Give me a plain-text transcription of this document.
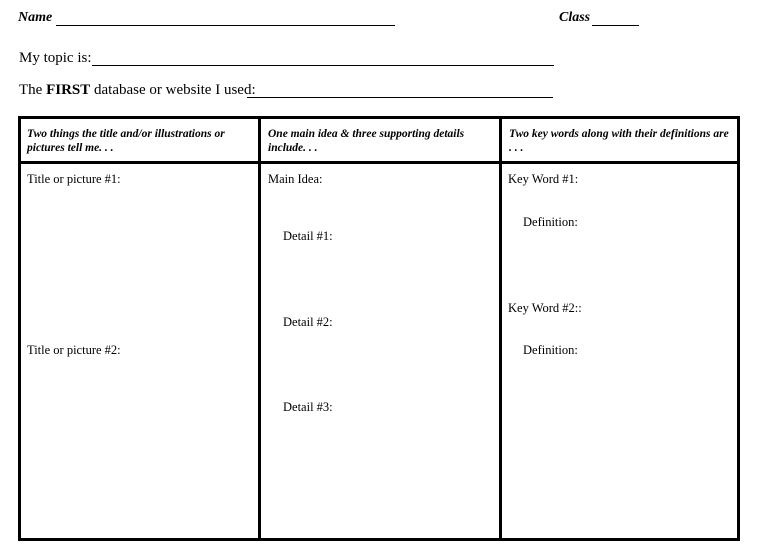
Name	Class
My topic is:
The FIRST database or website I used:
Two things the title and/or illustrations or pictures tell me. . .
One main idea & three supporting details include. . .
Two key words along with their definitions are . . .
Title or picture #1:
Title or picture #2:
Main Idea:
Detail #1:
Detail #2:
Detail #3:
Key Word #1:
Definition:
Key Word #2::
Definition:
